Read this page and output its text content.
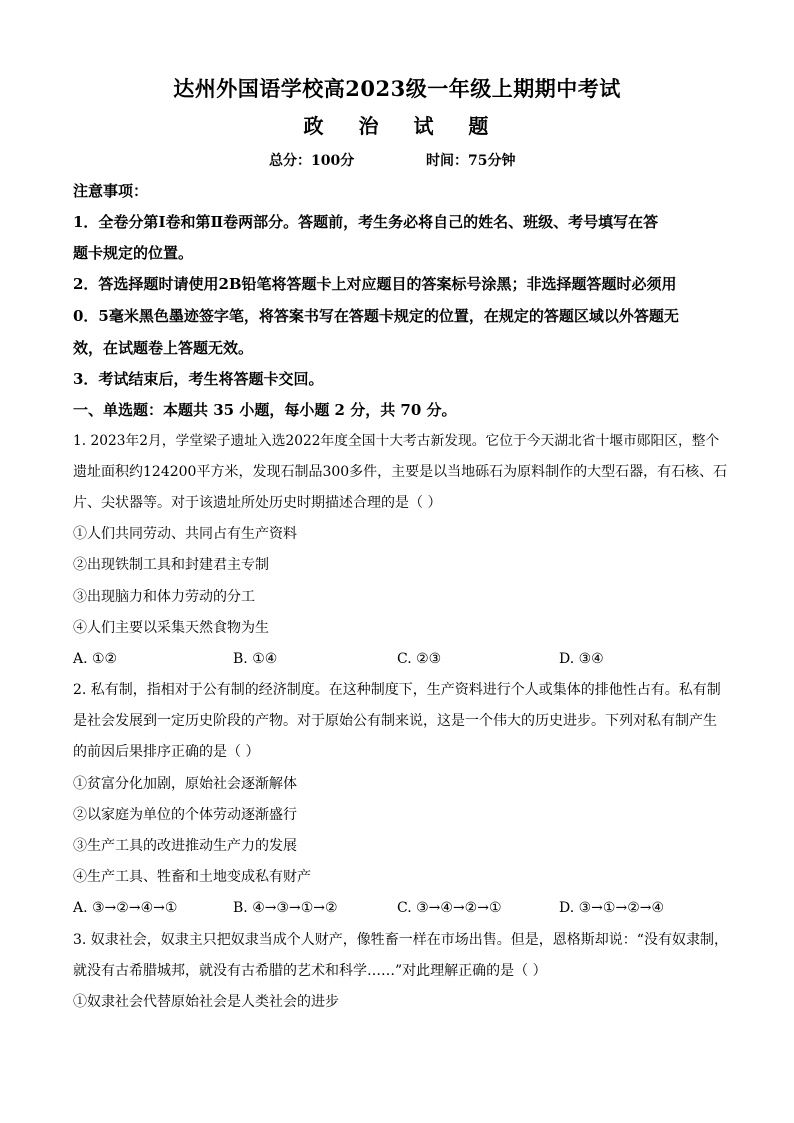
达州外国语学校高2023级一年级上期期中考试
政 治 试 题
总分：100分	时间：75分钟
注意事项：
1．全卷分第Ⅰ卷和第Ⅱ卷两部分。答题前，考生务必将自己的姓名、班级、考号填写在答
题卡规定的位置。
2．答选择题时请使用2B铅笔将答题卡上对应题目的答案标号涂黑；非选择题答题时必须用
0．5毫米黑色墨迹签字笔，将答案书写在答题卡规定的位置，在规定的答题区域以外答题无
效，在试题卷上答题无效。
3．考试结束后，考生将答题卡交回。
一、单选题：本题共 35 小题，每小题 2 分，共 70 分。
1. 2023年2月，学堂梁子遗址入选2022年度全国十大考古新发现。它位于今天湖北省十堰市郧阳区，整个
遗址面积约124200平方米，发现石制品300多件，主要是以当地砾石为原料制作的大型石器，有石核、石
片、尖状器等。对于该遗址所处历史时期描述合理的是（ ）
①人们共同劳动、共同占有生产资料
②出现铁制工具和封建君主专制
③出现脑力和体力劳动的分工
④人们主要以采集天然食物为生
A. ①②	B. ①④	C. ②③	D. ③④
2. 私有制，指相对于公有制的经济制度。在这种制度下，生产资料进行个人或集体的排他性占有。私有制
是社会发展到一定历史阶段的产物。对于原始公有制来说，这是一个伟大的历史进步。下列对私有制产生
的前因后果排序正确的是（ ）
①贫富分化加剧，原始社会逐渐解体
②以家庭为单位的个体劳动逐渐盛行
③生产工具的改进推动生产力的发展
④生产工具、牲畜和土地变成私有财产
A. ③→②→④→①	B. ④→③→①→②	C. ③→④→②→①	D. ③→①→②→④
3. 奴隶社会，奴隶主只把奴隶当成个人财产，像牲畜一样在市场出售。但是，恩格斯却说：“没有奴隶制，
就没有古希腊城邦，就没有古希腊的艺术和科学……”对此理解正确的是（ ）
①奴隶社会代替原始社会是人类社会的进步
